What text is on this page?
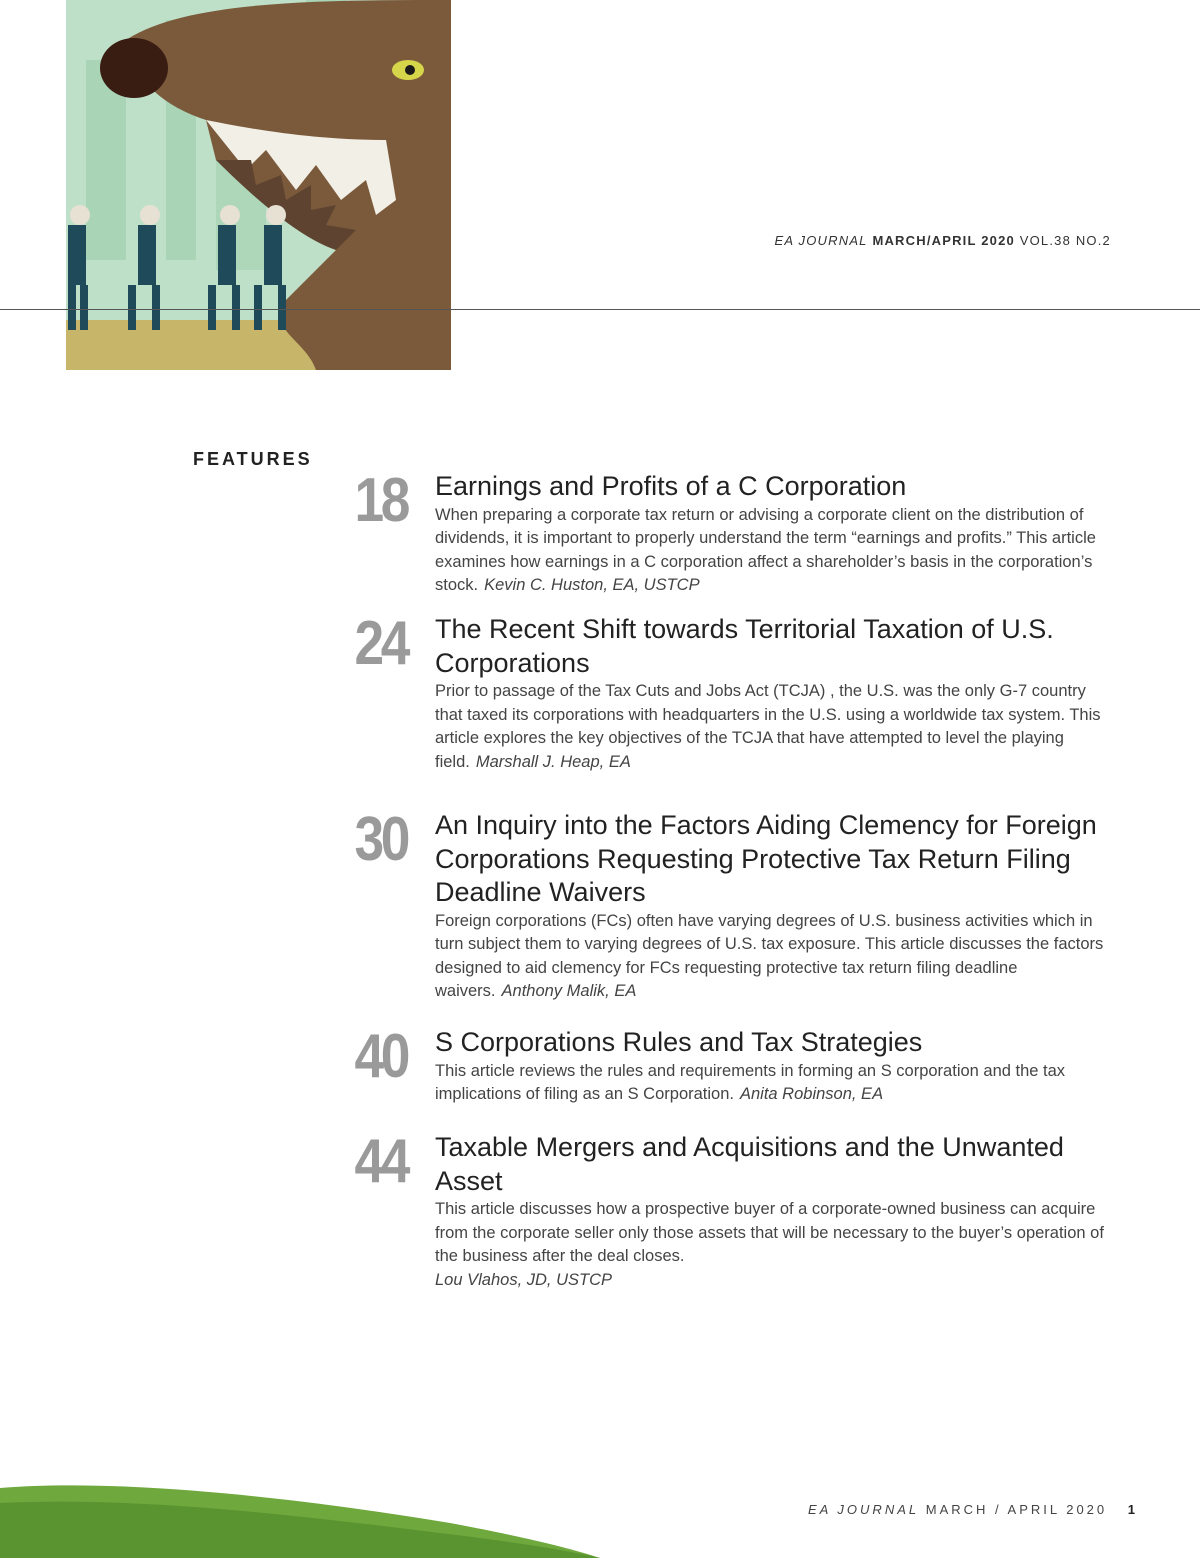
EA JOURNAL MARCH/APRIL 2020 VOL.38 NO.2
FEATURES
18 Earnings and Profits of a C Corporation

When preparing a corporate tax return or advising a corporate client on the distribution of dividends, it is important to properly understand the term “earnings and profits.” This article examines how earnings in a C corporation affect a shareholder’s basis in the corporation’s stock. Kevin C. Huston, EA, USTCP

24 The Recent Shift towards Territorial Taxation of U.S. Corporations

Prior to passage of the Tax Cuts and Jobs Act (TCJA) , the U.S. was the only G-7 country that taxed its corporations with headquarters in the U.S. using a worldwide tax system. This article explores the key objectives of the TCJA that have attempted to level the playing field. Marshall J. Heap, EA

30 An Inquiry into the Factors Aiding Clemency for Foreign Corporations Requesting Protective Tax Return Filing Deadline Waivers

Foreign corporations (FCs) often have varying degrees of U.S. business activities which in turn subject them to varying degrees of U.S. tax exposure. This article discusses the factors designed to aid clemency for FCs requesting protective tax return filing deadline waivers. Anthony Malik, EA

40 S Corporations Rules and Tax Strategies

This article reviews the rules and requirements in forming an S corporation and the tax implications of filing as an S Corporation. Anita Robinson, EA

44 Taxable Mergers and Acquisitions and the Unwanted Asset

This article discusses how a prospective buyer of a corporate-owned business can acquire from the corporate seller only those assets that will be necessary to the buyer’s operation of the business after the deal closes.
Lou Vlahos, JD, USTCP

EA JOURNAL MARCH / APRIL 2020 1
